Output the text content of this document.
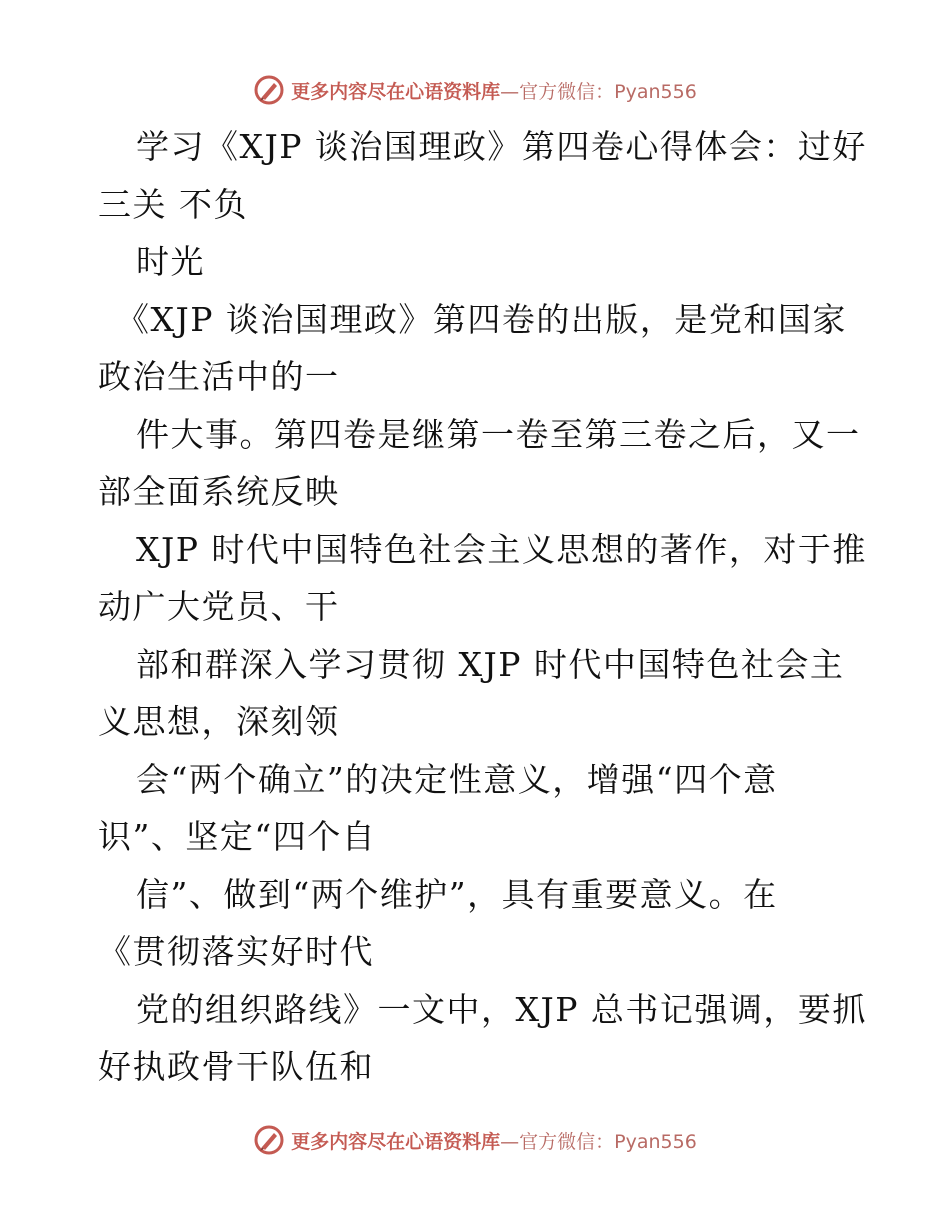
更多内容尽在心语资料库—官方微信：Pyan556
学习《XJP 谈治国理政》第四卷心得体会：过好
三关 不负
时光
《XJP 谈治国理政》第四卷的出版，是党和国家
政治生活中的一
件大事。第四卷是继第一卷至第三卷之后，又一
部全面系统反映
XJP 时代中国特色社会主义思想的著作，对于推
动广大党员、干
部和群深入学习贯彻 XJP 时代中国特色社会主
义思想，深刻领
会“两个确立”的决定性意义，增强“四个意
识”、坚定“四个自
信”、做到“两个维护”，具有重要意义。在
《贯彻落实好时代
党的组织路线》一文中，XJP 总书记强调，要抓
好执政骨干队伍和
更多内容尽在心语资料库—官方微信：Pyan556
